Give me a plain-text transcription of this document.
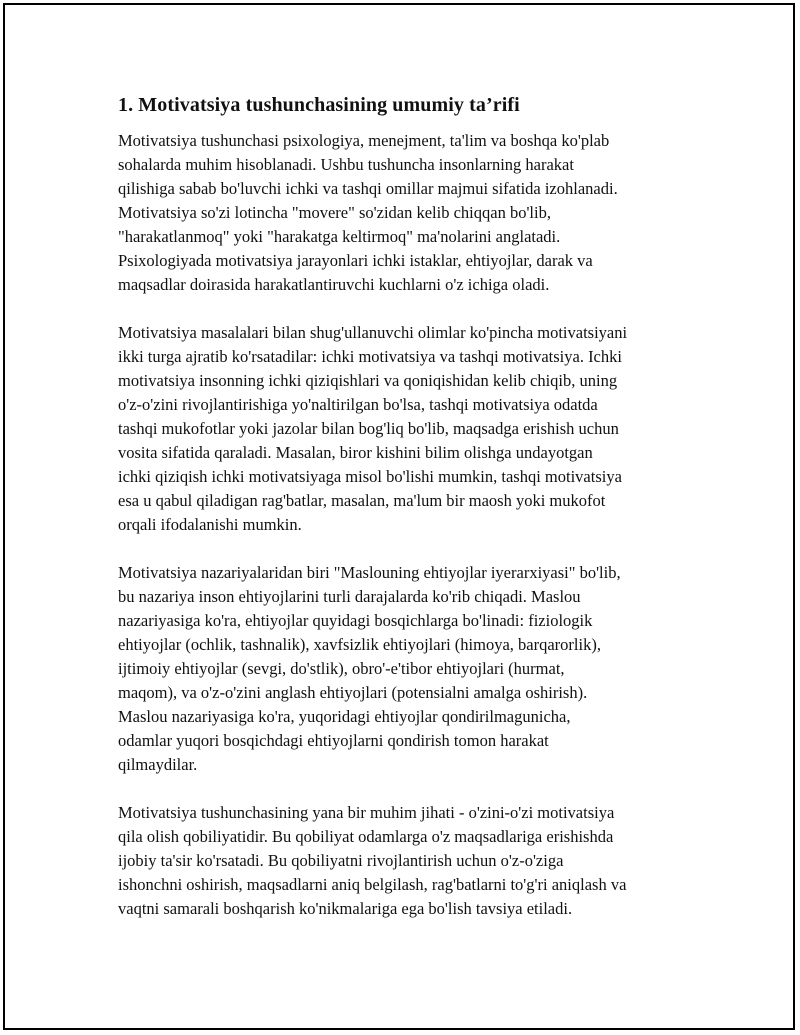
1. Motivatsiya tushunchasining umumiy ta’rifi

Motivatsiya tushunchasi psixologiya, menejment, ta'lim va boshqa ko'plab
sohalarda muhim hisoblanadi. Ushbu tushuncha insonlarning harakat
qilishiga sabab bo'luvchi ichki va tashqi omillar majmui sifatida izohlanadi.
Motivatsiya so'zi lotincha "movere" so'zidan kelib chiqqan bo'lib,
"harakatlanmoq" yoki "harakatga keltirmoq" ma'nolarini anglatadi.
Psixologiyada motivatsiya jarayonlari ichki istaklar, ehtiyojlar, darak va
maqsadlar doirasida harakatlantiruvchi kuchlarni o'z ichiga oladi.

Motivatsiya masalalari bilan shug'ullanuvchi olimlar ko'pincha motivatsiyani
ikki turga ajratib ko'rsatadilar: ichki motivatsiya va tashqi motivatsiya. Ichki
motivatsiya insonning ichki qiziqishlari va qoniqishidan kelib chiqib, uning
o'z-o'zini rivojlantirishiga yo'naltirilgan bo'lsa, tashqi motivatsiya odatda
tashqi mukofotlar yoki jazolar bilan bog'liq bo'lib, maqsadga erishish uchun
vosita sifatida qaraladi. Masalan, biror kishini bilim olishga undayotgan
ichki qiziqish ichki motivatsiyaga misol bo'lishi mumkin, tashqi motivatsiya
esa u qabul qiladigan rag'batlar, masalan, ma'lum bir maosh yoki mukofot
orqali ifodalanishi mumkin.

Motivatsiya nazariyalaridan biri "Maslouning ehtiyojlar iyerarxiyasi" bo'lib,
bu nazariya inson ehtiyojlarini turli darajalarda ko'rib chiqadi. Maslou
nazariyasiga ko'ra, ehtiyojlar quyidagi bosqichlarga bo'linadi: fiziologik
ehtiyojlar (ochlik, tashnalik), xavfsizlik ehtiyojlari (himoya, barqarorlik),
ijtimoiy ehtiyojlar (sevgi, do'stlik), obro'-e'tibor ehtiyojlari (hurmat,
maqom), va o'z-o'zini anglash ehtiyojlari (potensialni amalga oshirish).
Maslou nazariyasiga ko'ra, yuqoridagi ehtiyojlar qondirilmagunicha,
odamlar yuqori bosqichdagi ehtiyojlarni qondirish tomon harakat
qilmaydilar.

Motivatsiya tushunchasining yana bir muhim jihati - o'zini-o'zi motivatsiya
qila olish qobiliyatidir. Bu qobiliyat odamlarga o'z maqsadlariga erishishda
ijobiy ta'sir ko'rsatadi. Bu qobiliyatni rivojlantirish uchun o'z-o'ziga
ishonchni oshirish, maqsadlarni aniq belgilash, rag'batlarni to'g'ri aniqlash va
vaqtni samarali boshqarish ko'nikmalariga ega bo'lish tavsiya etiladi.
